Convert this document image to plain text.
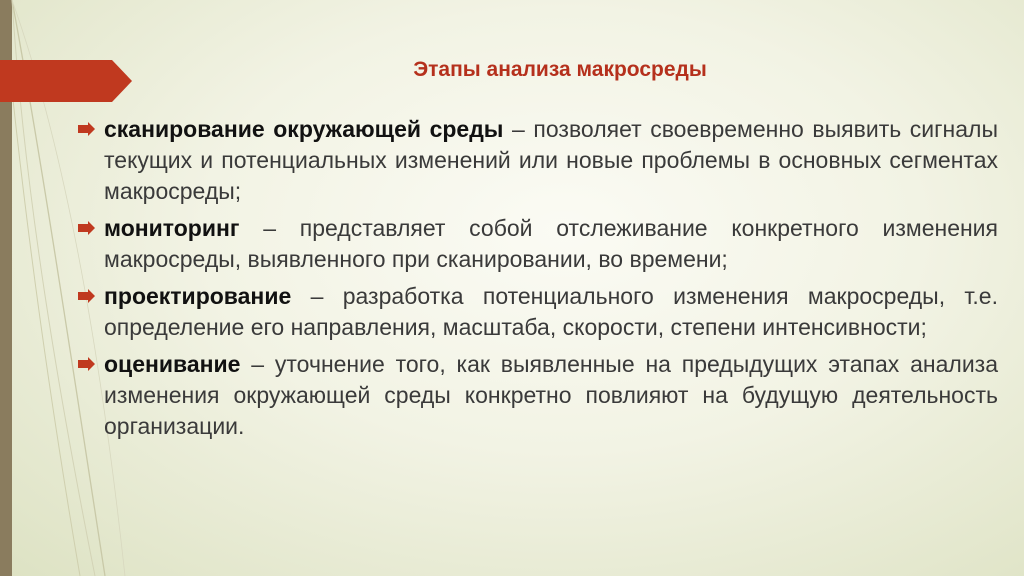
Этапы анализа макросреды
сканирование окружающей среды – позволяет своевременно выявить сигналы текущих и потенциальных изменений или новые проблемы в основных сегментах макросреды;
мониторинг – представляет собой отслеживание конкретного изменения макросреды, выявленного при сканировании, во времени;
проектирование – разработка потенциального изменения макросреды, т.е. определение его направления, масштаба, скорости, степени интенсивности;
оценивание – уточнение того, как выявленные на предыдущих этапах анализа изменения окружающей среды конкретно повлияют на будущую деятельность организации.
